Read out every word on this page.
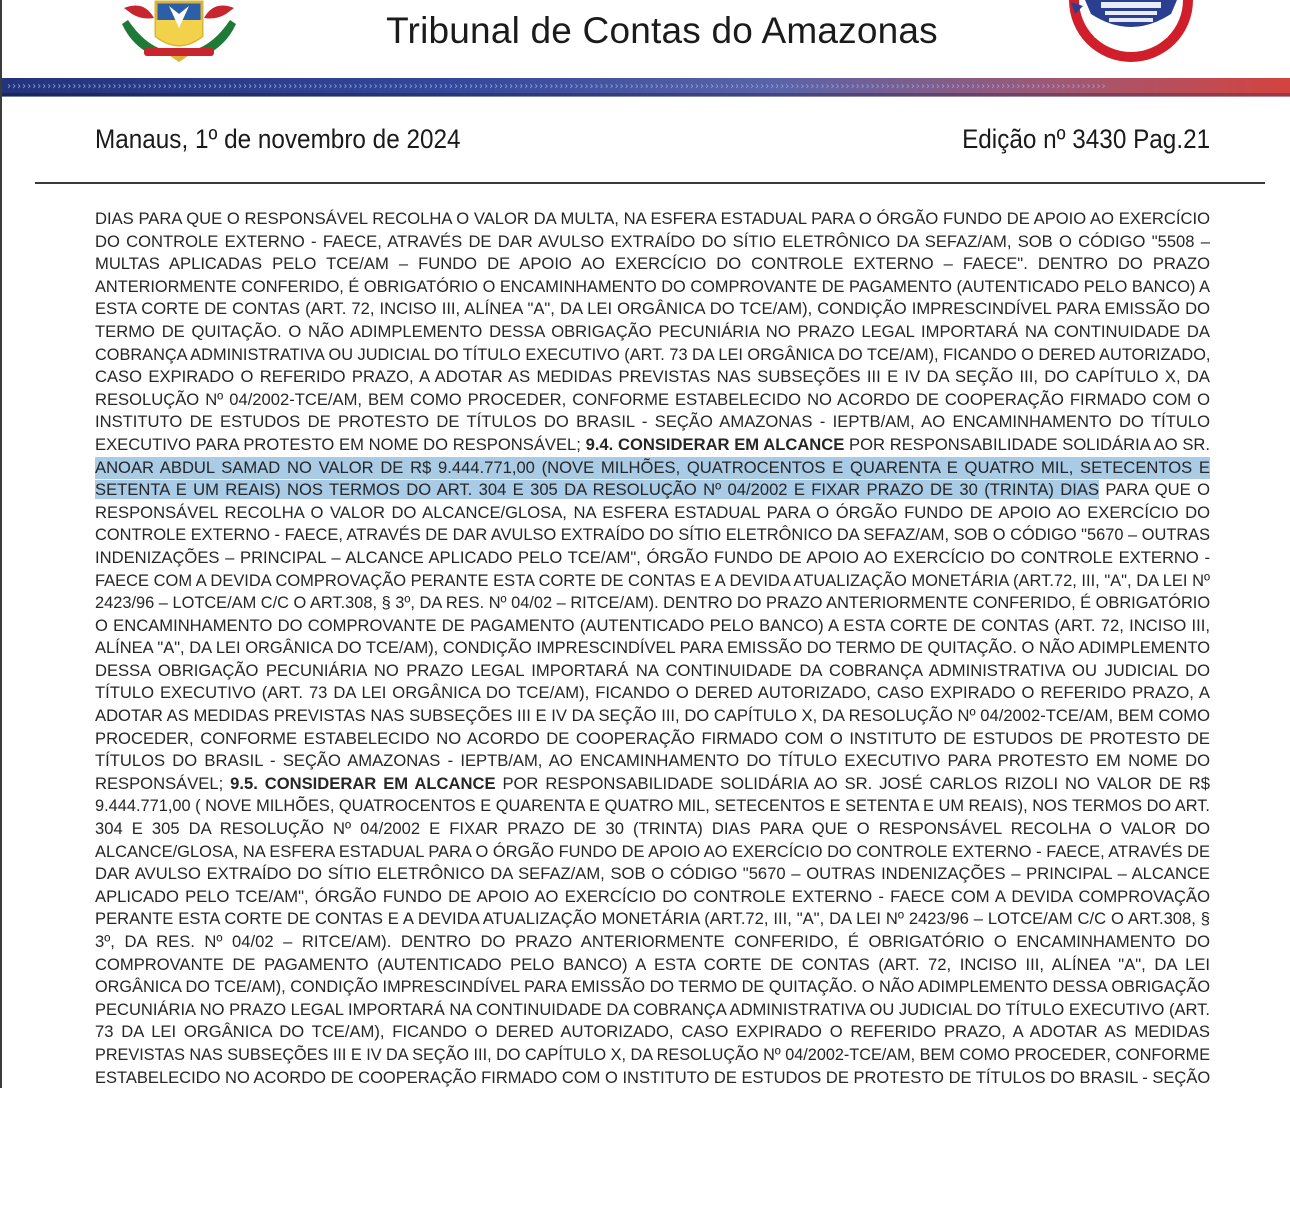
Tribunal de Contas do Amazonas
›››››››››››››››››››››››››››››››››››››››››››››››››››››››››››››››››››››››››››››››››››››››››››››››››››››››››››››››››››››››››››››››››››››››››››››››››››››››››››››››››››››››››››››››››››››››››››››››››››››››››››››››››››››››››››
Manaus, 1º de novembro de 2024	Edição nº 3430 Pag.21
DIAS PARA QUE O RESPONSÁVEL RECOLHA O VALOR DA MULTA, NA ESFERA ESTADUAL PARA O ÓRGÃO FUNDO DE APOIO AO EXERCÍCIO
DO CONTROLE EXTERNO - FAECE, ATRAVÉS DE DAR AVULSO EXTRAÍDO DO SÍTIO ELETRÔNICO DA SEFAZ/AM, SOB O CÓDIGO "5508 –
MULTAS APLICADAS PELO TCE/AM – FUNDO DE APOIO AO EXERCÍCIO DO CONTROLE EXTERNO – FAECE". DENTRO DO PRAZO
ANTERIORMENTE CONFERIDO, É OBRIGATÓRIO O ENCAMINHAMENTO DO COMPROVANTE DE PAGAMENTO (AUTENTICADO PELO BANCO) A
ESTA CORTE DE CONTAS (ART. 72, INCISO III, ALÍNEA "A", DA LEI ORGÂNICA DO TCE/AM), CONDIÇÃO IMPRESCINDÍVEL PARA EMISSÃO DO
TERMO DE QUITAÇÃO. O NÃO ADIMPLEMENTO DESSA OBRIGAÇÃO PECUNIÁRIA NO PRAZO LEGAL IMPORTARÁ NA CONTINUIDADE DA
COBRANÇA ADMINISTRATIVA OU JUDICIAL DO TÍTULO EXECUTIVO (ART. 73 DA LEI ORGÂNICA DO TCE/AM), FICANDO O DERED AUTORIZADO,
CASO EXPIRADO O REFERIDO PRAZO, A ADOTAR AS MEDIDAS PREVISTAS NAS SUBSEÇÕES III E IV DA SEÇÃO III, DO CAPÍTULO X, DA
RESOLUÇÃO Nº 04/2002-TCE/AM, BEM COMO PROCEDER, CONFORME ESTABELECIDO NO ACORDO DE COOPERAÇÃO FIRMADO COM O
INSTITUTO DE ESTUDOS DE PROTESTO DE TÍTULOS DO BRASIL - SEÇÃO AMAZONAS - IEPTB/AM, AO ENCAMINHAMENTO DO TÍTULO
EXECUTIVO PARA PROTESTO EM NOME DO RESPONSÁVEL; 9.4. CONSIDERAR EM ALCANCE POR RESPONSABILIDADE SOLIDÁRIA AO SR.
ANOAR ABDUL SAMAD NO VALOR DE R$ 9.444.771,00 (NOVE MILHÕES, QUATROCENTOS E QUARENTA E QUATRO MIL, SETECENTOS E
SETENTA E UM REAIS) NOS TERMOS DO ART. 304 E 305 DA RESOLUÇÃO Nº 04/2002 E FIXAR PRAZO DE 30 (TRINTA) DIAS PARA QUE O
RESPONSÁVEL RECOLHA O VALOR DO ALCANCE/GLOSA, NA ESFERA ESTADUAL PARA O ÓRGÃO FUNDO DE APOIO AO EXERCÍCIO DO
CONTROLE EXTERNO - FAECE, ATRAVÉS DE DAR AVULSO EXTRAÍDO DO SÍTIO ELETRÔNICO DA SEFAZ/AM, SOB O CÓDIGO "5670 – OUTRAS
INDENIZAÇÕES – PRINCIPAL – ALCANCE APLICADO PELO TCE/AM", ÓRGÃO FUNDO DE APOIO AO EXERCÍCIO DO CONTROLE EXTERNO -
FAECE COM A DEVIDA COMPROVAÇÃO PERANTE ESTA CORTE DE CONTAS E A DEVIDA ATUALIZAÇÃO MONETÁRIA (ART.72, III, "A", DA LEI Nº
2423/96 – LOTCE/AM C/C O ART.308, § 3º, DA RES. Nº 04/02 – RITCE/AM). DENTRO DO PRAZO ANTERIORMENTE CONFERIDO, É OBRIGATÓRIO
O ENCAMINHAMENTO DO COMPROVANTE DE PAGAMENTO (AUTENTICADO PELO BANCO) A ESTA CORTE DE CONTAS (ART. 72, INCISO III,
ALÍNEA "A", DA LEI ORGÂNICA DO TCE/AM), CONDIÇÃO IMPRESCINDÍVEL PARA EMISSÃO DO TERMO DE QUITAÇÃO. O NÃO ADIMPLEMENTO
DESSA OBRIGAÇÃO PECUNIÁRIA NO PRAZO LEGAL IMPORTARÁ NA CONTINUIDADE DA COBRANÇA ADMINISTRATIVA OU JUDICIAL DO
TÍTULO EXECUTIVO (ART. 73 DA LEI ORGÂNICA DO TCE/AM), FICANDO O DERED AUTORIZADO, CASO EXPIRADO O REFERIDO PRAZO, A
ADOTAR AS MEDIDAS PREVISTAS NAS SUBSEÇÕES III E IV DA SEÇÃO III, DO CAPÍTULO X, DA RESOLUÇÃO Nº 04/2002-TCE/AM, BEM COMO
PROCEDER, CONFORME ESTABELECIDO NO ACORDO DE COOPERAÇÃO FIRMADO COM O INSTITUTO DE ESTUDOS DE PROTESTO DE
TÍTULOS DO BRASIL - SEÇÃO AMAZONAS - IEPTB/AM, AO ENCAMINHAMENTO DO TÍTULO EXECUTIVO PARA PROTESTO EM NOME DO
RESPONSÁVEL; 9.5. CONSIDERAR EM ALCANCE POR RESPONSABILIDADE SOLIDÁRIA AO SR. JOSÉ CARLOS RIZOLI NO VALOR DE R$
9.444.771,00 ( NOVE MILHÕES, QUATROCENTOS E QUARENTA E QUATRO MIL, SETECENTOS E SETENTA E UM REAIS), NOS TERMOS DO ART.
304 E 305 DA RESOLUÇÃO Nº 04/2002 E FIXAR PRAZO DE 30 (TRINTA) DIAS PARA QUE O RESPONSÁVEL RECOLHA O VALOR DO
ALCANCE/GLOSA, NA ESFERA ESTADUAL PARA O ÓRGÃO FUNDO DE APOIO AO EXERCÍCIO DO CONTROLE EXTERNO - FAECE, ATRAVÉS DE
DAR AVULSO EXTRAÍDO DO SÍTIO ELETRÔNICO DA SEFAZ/AM, SOB O CÓDIGO "5670 – OUTRAS INDENIZAÇÕES – PRINCIPAL – ALCANCE
APLICADO PELO TCE/AM", ÓRGÃO FUNDO DE APOIO AO EXERCÍCIO DO CONTROLE EXTERNO - FAECE COM A DEVIDA COMPROVAÇÃO
PERANTE ESTA CORTE DE CONTAS E A DEVIDA ATUALIZAÇÃO MONETÁRIA (ART.72, III, "A", DA LEI Nº 2423/96 – LOTCE/AM C/C O ART.308, §
3º, DA RES. Nº 04/02 – RITCE/AM). DENTRO DO PRAZO ANTERIORMENTE CONFERIDO, É OBRIGATÓRIO O ENCAMINHAMENTO DO
COMPROVANTE DE PAGAMENTO (AUTENTICADO PELO BANCO) A ESTA CORTE DE CONTAS (ART. 72, INCISO III, ALÍNEA "A", DA LEI
ORGÂNICA DO TCE/AM), CONDIÇÃO IMPRESCINDÍVEL PARA EMISSÃO DO TERMO DE QUITAÇÃO. O NÃO ADIMPLEMENTO DESSA OBRIGAÇÃO
PECUNIÁRIA NO PRAZO LEGAL IMPORTARÁ NA CONTINUIDADE DA COBRANÇA ADMINISTRATIVA OU JUDICIAL DO TÍTULO EXECUTIVO (ART.
73 DA LEI ORGÂNICA DO TCE/AM), FICANDO O DERED AUTORIZADO, CASO EXPIRADO O REFERIDO PRAZO, A ADOTAR AS MEDIDAS
PREVISTAS NAS SUBSEÇÕES III E IV DA SEÇÃO III, DO CAPÍTULO X, DA RESOLUÇÃO Nº 04/2002-TCE/AM, BEM COMO PROCEDER, CONFORME
ESTABELECIDO NO ACORDO DE COOPERAÇÃO FIRMADO COM O INSTITUTO DE ESTUDOS DE PROTESTO DE TÍTULOS DO BRASIL - SEÇÃO
